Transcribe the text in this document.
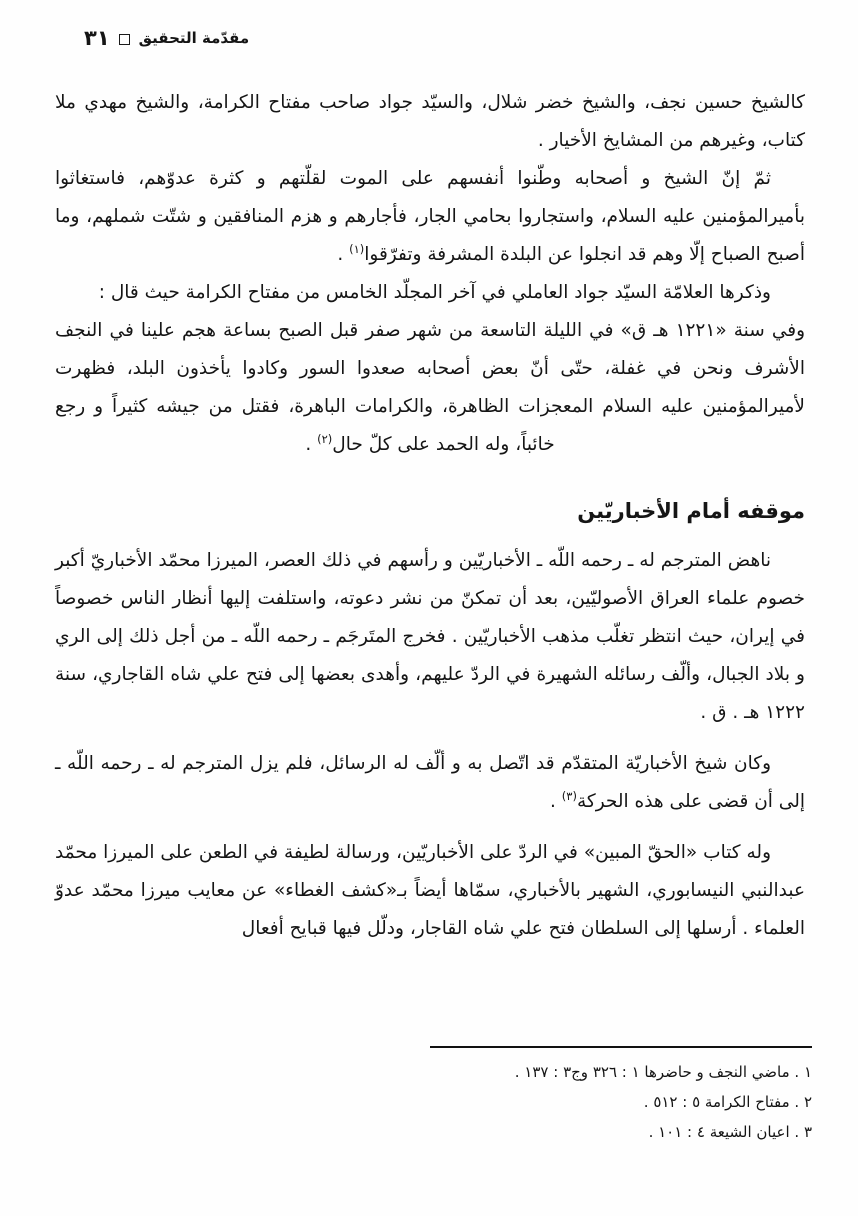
مقدّمة التحقيق
٣١

كالشيخ حسين نجف، والشيخ خضر شلال، والسيّد جواد صاحب مفتاح الكرامة، والشيخ مهدي ملا كتاب، وغيرهم من المشايخ الأخيار .

ثمّ إنّ الشيخ و أصحابه وطّنوا أنفسهم على الموت لقلّتهم و كثرة عدوّهم، فاستغاثوا بأميرالمؤمنين عليه السلام، واستجاروا بحامي الجار، فأجارهم و هزم المنافقين و شتّت شملهم، وما أصبح الصباح إلّا وهم قد انجلوا عن البلدة المشرفة وتفرّقوا$^{(١)}$ .

وذكرها العلامّة السيّد جواد العاملي في آخر المجلّد الخامس من مفتاح الكرامة حيث قال :

وفي سنة «١٢٢١ هـ ق» في الليلة التاسعة من شهر صفر قبل الصبح بساعة هجم علينا في النجف الأشرف ونحن في غفلة، حتّى أنّ بعض أصحابه صعدوا السور وكادوا يأخذون البلد، فظهرت لأميرالمؤمنين عليه السلام المعجزات الظاهرة، والكرامات الباهرة، فقتل من جيشه كثيراً و رجع خائباً، وله الحمد على كلّ حال$^{(٢)}$ .

موقفه أمام الأخباريّين

ناهض المترجم له ـ رحمه اللّه ـ الأخباريّين و رأسهم في ذلك العصر، الميرزا محمّد الأخباريّ أكبر خصوم علماء العراق الأصوليّين، بعد أن تمكنّ من نشر دعوته، واستلفت إليها أنظار الناس خصوصاً في إيران، حيث انتظر تغلّب مذهب الأخباريّين . فخرج المتَرجَم ـ رحمه اللّه ـ من أجل ذلك إلى الري و بلاد الجبال، وألّف رسائله الشهيرة في الردّ عليهم، وأهدى بعضها إلى فتح علي شاه القاجاري، سنة ١٢٢٢ هـ . ق .

وكان شيخ الأخباريّة المتقدّم قد اتّصل به و ألّف له الرسائل، فلم يزل المترجم له ـ رحمه اللّه ـ إلى أن قضى على هذه الحركة$^{(٣)}$ .

وله كتاب «الحقّ المبين» في الردّ على الأخباريّين، ورسالة لطيفة في الطعن على الميرزا محمّد عبدالنبي النيسابوري، الشهير بالأخباري، سمّاها أيضاً بـ«كشف الغطاء» عن معايب ميرزا محمّد عدوّ العلماء . أرسلها إلى السلطان فتح علي شاه القاجار، ودلّل فيها قبايح أفعال

١ . ماضي النجف و حاضرها ١ : ٣٢٦ وج٣ : ١٣٧ .

٢ . مفتاح الكرامة ٥ : ٥١٢ .

٣ . اعيان الشيعة ٤ : ١٠١ .
